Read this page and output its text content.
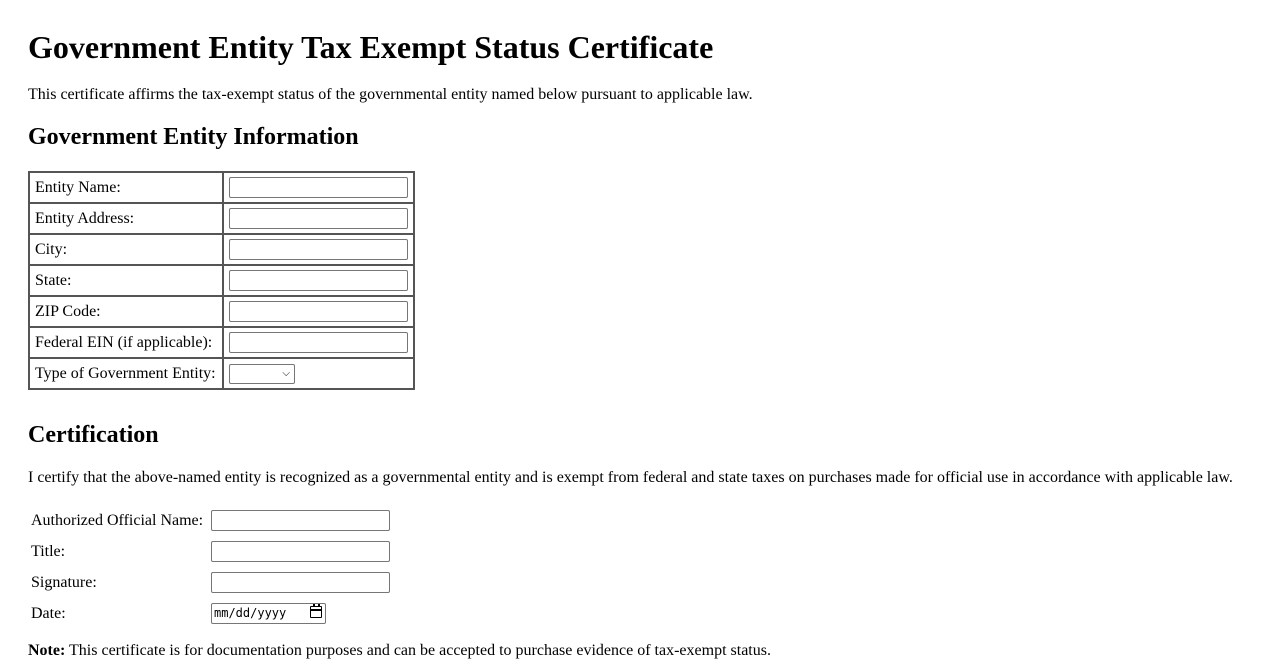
Government Entity Tax Exempt Status Certificate

This certificate affirms the tax-exempt status of the governmental entity named below pursuant to applicable law.

Government Entity Information
Entity Name:	

Entity Address:	

City:	

State:	

ZIP Code:	

Federal EIN (if applicable):	

Type of Government Entity:	⌵
Certification

I certify that the above-named entity is recognized as a governmental entity and is exempt from federal and state taxes on purchases made for official use in accordance with applicable law.

Authorized Official Name:	

Title:	

Signature:	

Date:	mm/dd/yyyy

Note: This certificate is for documentation purposes and can be accepted to purchase evidence of tax-exempt status.
